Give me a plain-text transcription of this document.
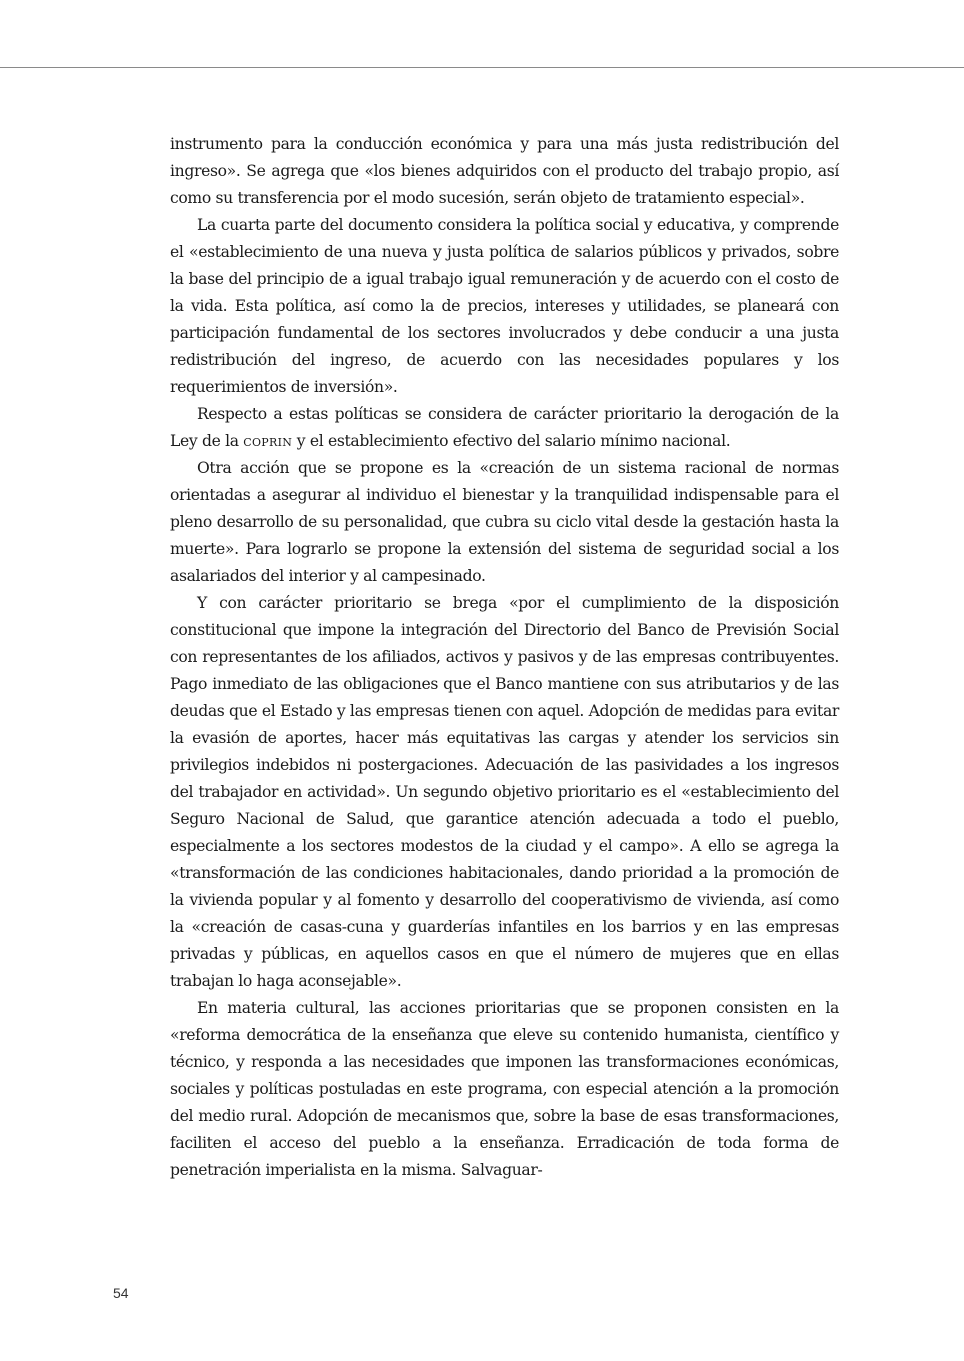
instrumento para la conducción económica y para una más justa redistribución del ingreso». Se agrega que «los bienes adquiridos con el producto del trabajo propio, así como su transferencia por el modo sucesión, serán objeto de tratamiento especial».

La cuarta parte del documento considera la política social y educativa, y comprende el «establecimiento de una nueva y justa política de salarios públicos y privados, sobre la base del principio de a igual trabajo igual remuneración y de acuerdo con el costo de la vida. Esta política, así como la de precios, intereses y utilidades, se planeará con participación fundamental de los sectores involucrados y debe conducir a una justa redistribución del ingreso, de acuerdo con las necesidades populares y los requerimientos de inversión».

Respecto a estas políticas se considera de carácter prioritario la derogación de la Ley de la coprin y el establecimiento efectivo del salario mínimo nacional.

Otra acción que se propone es la «creación de un sistema racional de normas orientadas a asegurar al individuo el bienestar y la tranquilidad indispensable para el pleno desarrollo de su personalidad, que cubra su ciclo vital desde la gestación hasta la muerte». Para lograrlo se propone la extensión del sistema de seguridad social a los asalariados del interior y al campesinado.

Y con carácter prioritario se brega «por el cumplimiento de la disposición constitucional que impone la integración del Directorio del Banco de Previsión Social con representantes de los afiliados, activos y pasivos y de las empresas contribuyentes. Pago inmediato de las obligaciones que el Banco mantiene con sus atributarios y de las deudas que el Estado y las empresas tienen con aquel. Adopción de medidas para evitar la evasión de aportes, hacer más equitativas las cargas y atender los servicios sin privilegios indebidos ni postergaciones. Adecuación de las pasividades a los ingresos del trabajador en actividad». Un segundo objetivo prioritario es el «establecimiento del Seguro Nacional de Salud, que garantice atención adecuada a todo el pueblo, especialmente a los sectores modestos de la ciudad y el campo». A ello se agrega la «transformación de las condiciones habitacionales, dando prioridad a la promoción de la vivienda popular y al fomento y desarrollo del cooperativismo de vivienda, así como la «creación de casas-cuna y guarderías infantiles en los barrios y en las empresas privadas y públicas, en aquellos casos en que el número de mujeres que en ellas trabajan lo haga aconsejable».

En materia cultural, las acciones prioritarias que se proponen consisten en la «reforma democrática de la enseñanza que eleve su contenido humanista, científico y técnico, y responda a las necesidades que imponen las transformaciones económicas, sociales y políticas postuladas en este programa, con especial atención a la promoción del medio rural. Adopción de mecanismos que, sobre la base de esas transformaciones, faciliten el acceso del pueblo a la enseñanza. Erradicación de toda forma de penetración imperialista en la misma. Salvaguar-

54
